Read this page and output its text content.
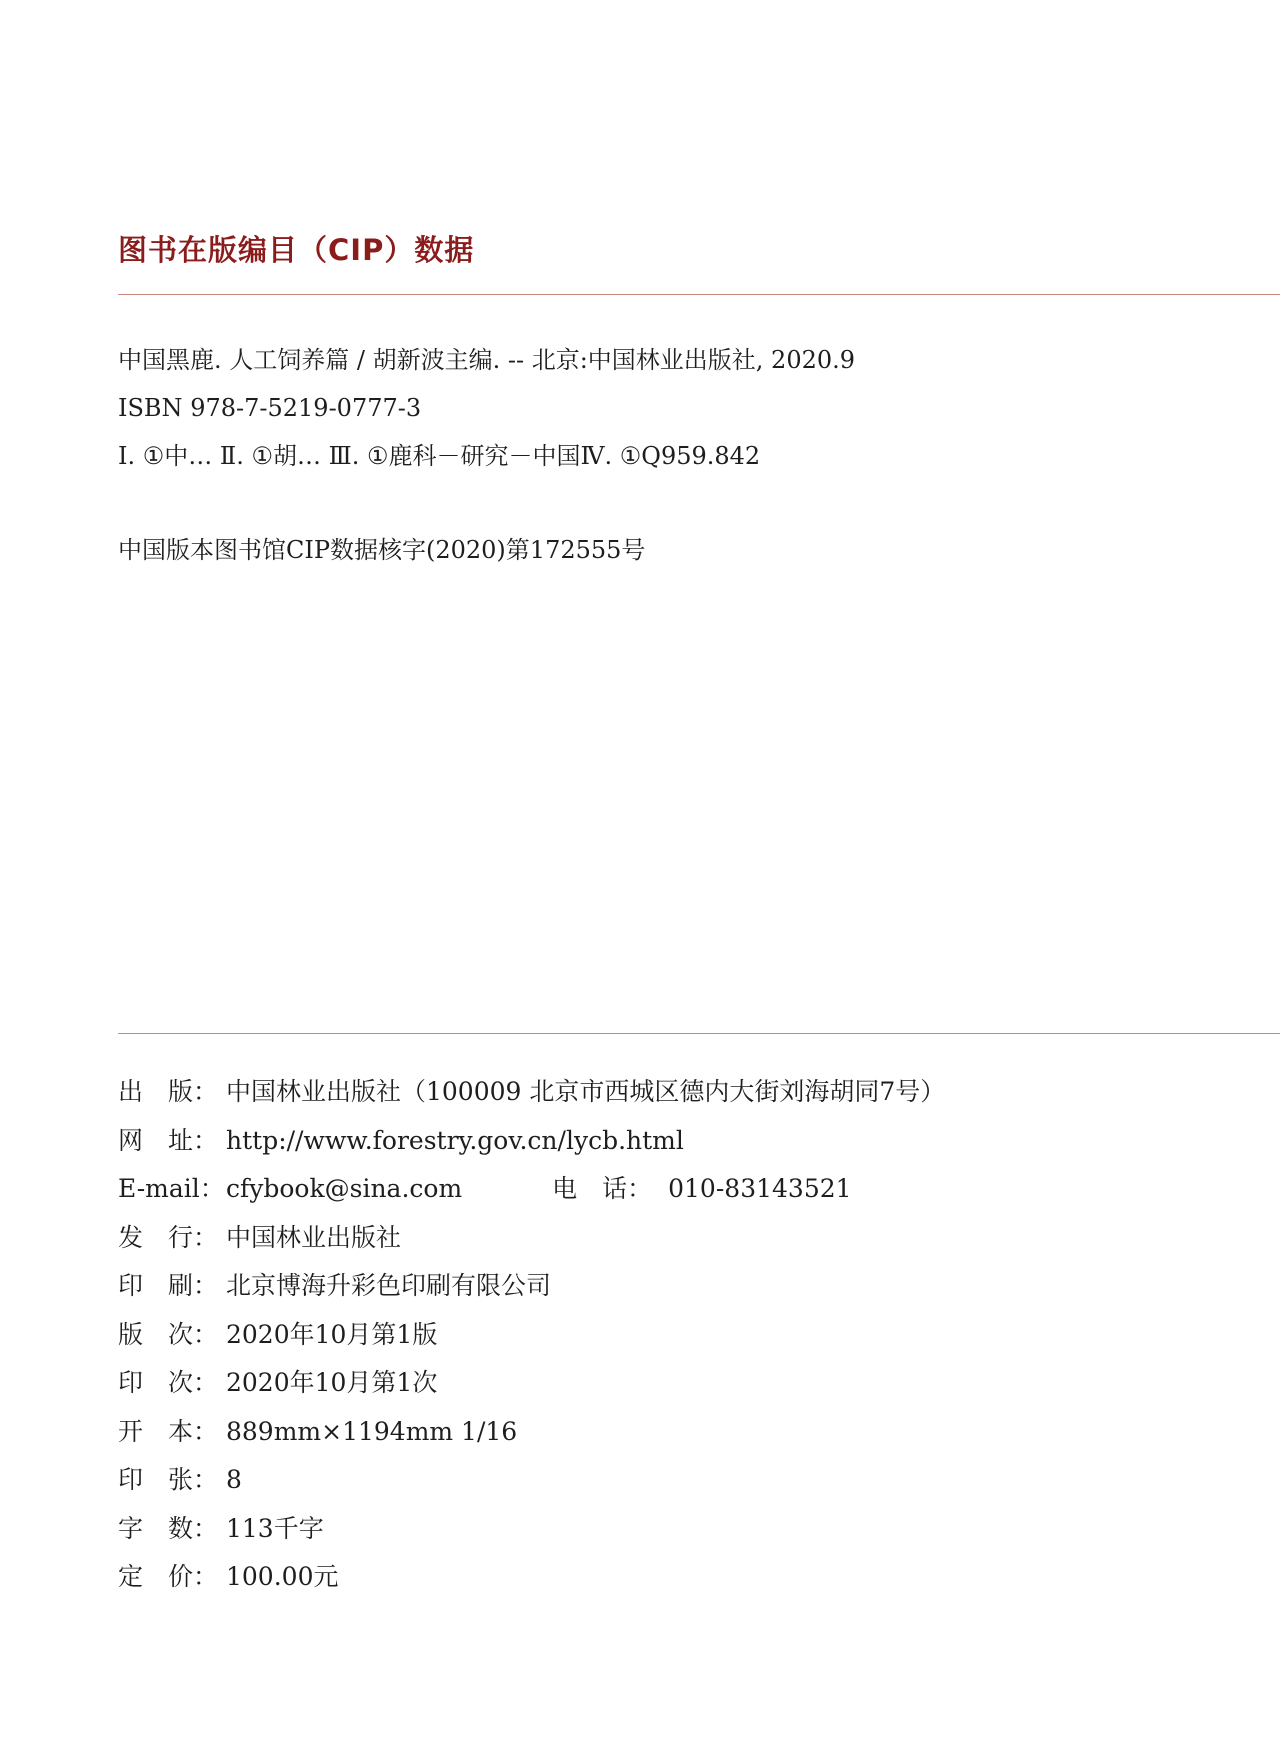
图书在版编目（CIP）数据
中国黑鹿. 人工饲养篇 / 胡新波主编. -- 北京:中国林业出版社, 2020.9
ISBN 978-7-5219-0777-3
Ⅰ. ①中… Ⅱ. ①胡… Ⅲ. ①鹿科－研究－中国Ⅳ. ①Q959.842
中国版本图书馆CIP数据核字(2020)第172555号
出　版： 中国林业出版社（100009 北京市西城区德内大街刘海胡同7号）
网　址： http://www.forestry.gov.cn/lycb.html
E-mail： cfybook@sina.com	电　话： 010-83143521
发　行： 中国林业出版社
印　刷： 北京博海升彩色印刷有限公司
版　次： 2020年10月第1版
印　次： 2020年10月第1次
开　本： 889mm×1194mm 1/16
印　张： 8
字　数： 113千字
定　价： 100.00元
